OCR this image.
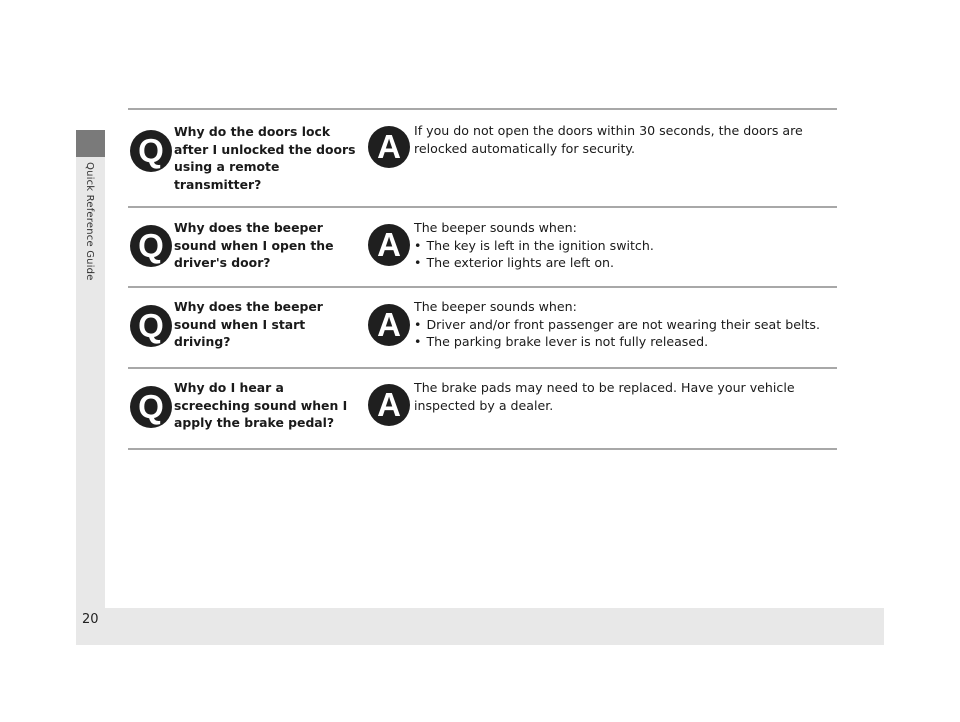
Quick Reference Guide
20
Q
Why do the doors lock after I unlocked the doors using a remote transmitter?
A	If you do not open the doors within 30 seconds, the doors are relocked automatically for security.
Q Why does the beeper sound when I open the driver's door?	A	The beeper sounds when:
• The key is left in the ignition switch.
• The exterior lights are left on.
Q
Why does the beeper sound when I start driving?	A	The beeper sounds when:
• Driver and/or front passenger are not wearing their seat belts.
• The parking brake lever is not fully released.
Q
Why do I hear a screeching sound when I apply the brake pedal?	A	The brake pads may need to be replaced. Have your vehicle inspected by a dealer.
